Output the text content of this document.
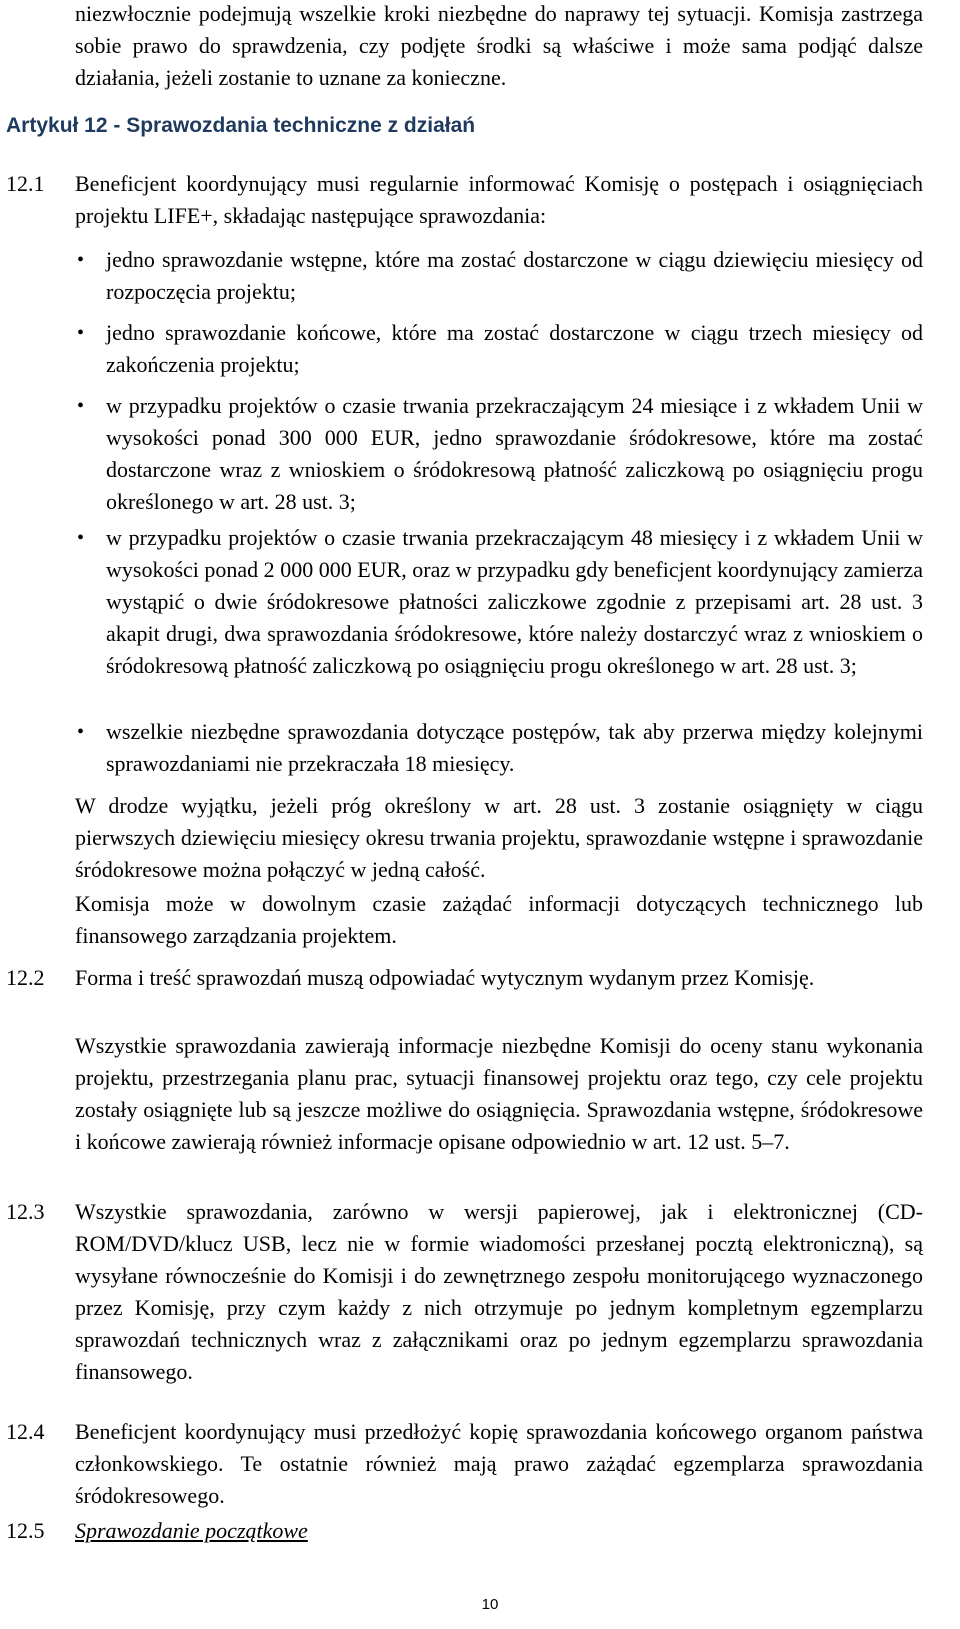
niezwłocznie podejmują wszelkie kroki niezbędne do naprawy tej sytuacji. Komisja zastrzega sobie prawo do sprawdzenia, czy podjęte środki są właściwe i może sama podjąć dalsze działania, jeżeli zostanie to uznane za konieczne.

Artykuł 12 - Sprawozdania techniczne z działań

12.1 Beneficjent koordynujący musi regularnie informować Komisję o postępach i osiągnięciach projektu LIFE+, składając następujące sprawozdania:

• jedno sprawozdanie wstępne, które ma zostać dostarczone w ciągu dziewięciu miesięcy od rozpoczęcia projektu;

• jedno sprawozdanie końcowe, które ma zostać dostarczone w ciągu trzech miesięcy od zakończenia projektu;

• w przypadku projektów o czasie trwania przekraczającym 24 miesiące i z wkładem Unii w wysokości ponad 300 000 EUR, jedno sprawozdanie śródokresowe, które ma zostać dostarczone wraz z wnioskiem o śródokresową płatność zaliczkową po osiągnięciu progu określonego w art. 28 ust. 3;

• w przypadku projektów o czasie trwania przekraczającym 48 miesięcy i z wkładem Unii w wysokości ponad 2 000 000 EUR, oraz w przypadku gdy beneficjent koordynujący zamierza wystąpić o dwie śródokresowe płatności zaliczkowe zgodnie z przepisami art. 28 ust. 3 akapit drugi, dwa sprawozdania śródokresowe, które należy dostarczyć wraz z wnioskiem o śródokresową płatność zaliczkową po osiągnięciu progu określonego w art. 28 ust. 3;

• wszelkie niezbędne sprawozdania dotyczące postępów, tak aby przerwa między kolejnymi sprawozdaniami nie przekraczała 18 miesięcy.

W drodze wyjątku, jeżeli próg określony w art. 28 ust. 3 zostanie osiągnięty w ciągu pierwszych dziewięciu miesięcy okresu trwania projektu, sprawozdanie wstępne i sprawozdanie śródokresowe można połączyć w jedną całość.

Komisja może w dowolnym czasie zażądać informacji dotyczących technicznego lub finansowego zarządzania projektem.

12.2 Forma i treść sprawozdań muszą odpowiadać wytycznym wydanym przez Komisję.

Wszystkie sprawozdania zawierają informacje niezbędne Komisji do oceny stanu wykonania projektu, przestrzegania planu prac, sytuacji finansowej projektu oraz tego, czy cele projektu zostały osiągnięte lub są jeszcze możliwe do osiągnięcia. Sprawozdania wstępne, śródokresowe i końcowe zawierają również informacje opisane odpowiednio w art. 12 ust. 5–7.

12.3 Wszystkie sprawozdania, zarówno w wersji papierowej, jak i elektronicznej (CD-ROM/DVD/klucz USB, lecz nie w formie wiadomości przesłanej pocztą elektroniczną), są wysyłane równocześnie do Komisji i do zewnętrznego zespołu monitorującego wyznaczonego przez Komisję, przy czym każdy z nich otrzymuje po jednym kompletnym egzemplarzu sprawozdań technicznych wraz z załącznikami oraz po jednym egzemplarzu sprawozdania finansowego.

12.4 Beneficjent koordynujący musi przedłożyć kopię sprawozdania końcowego organom państwa członkowskiego. Te ostatnie również mają prawo zażądać egzemplarza sprawozdania śródokresowego.

12.5 Sprawozdanie początkowe
10
